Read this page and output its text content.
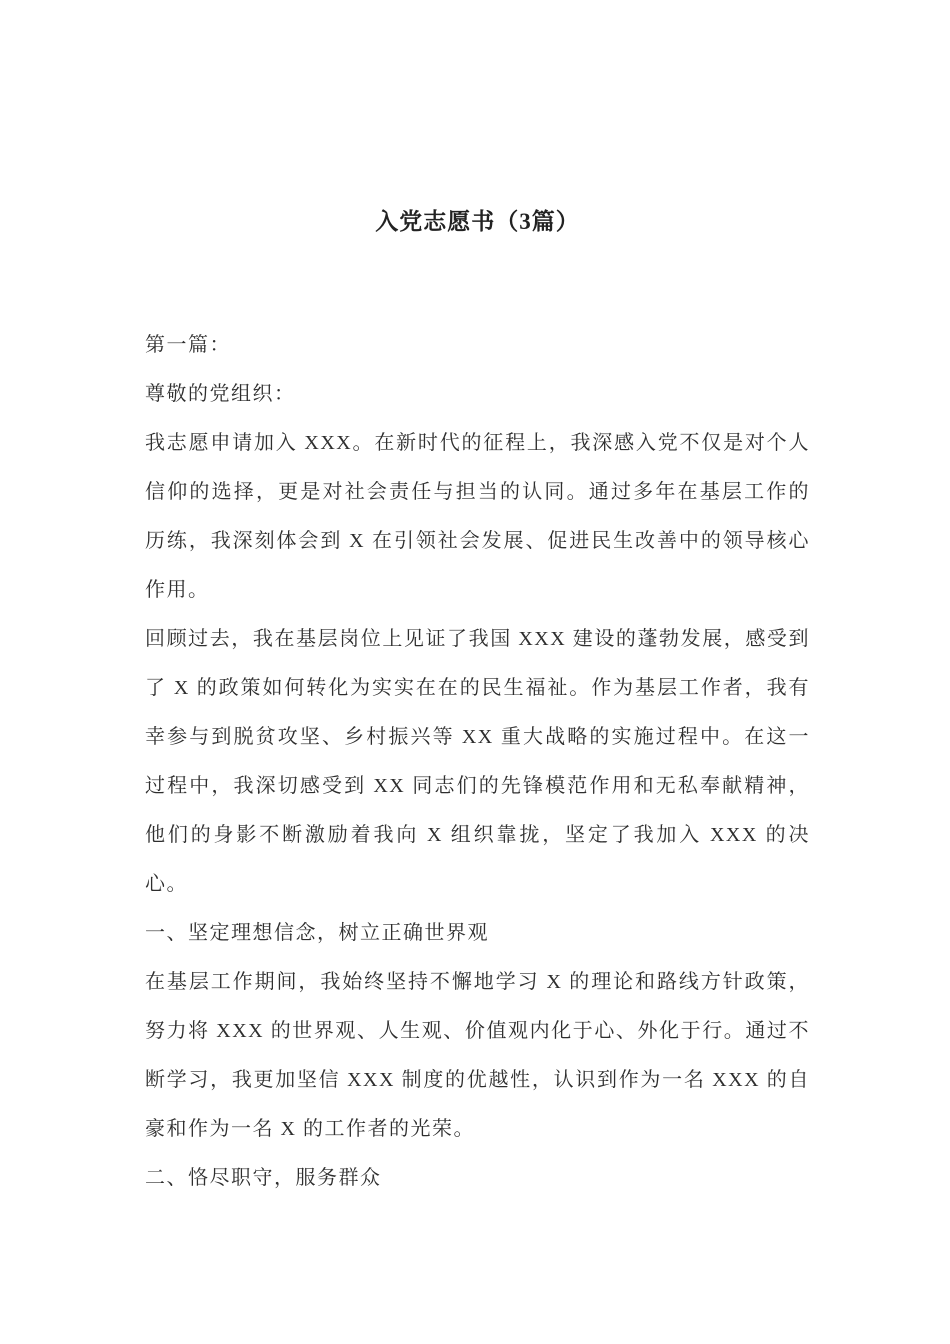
入党志愿书（3篇）

第一篇：

尊敬的党组织：

我志愿申请加入 XXX。在新时代的征程上，我深感入党不仅是对个人信仰的选择，更是对社会责任与担当的认同。通过多年在基层工作的历练，我深刻体会到 X 在引领社会发展、促进民生改善中的领导核心作用。

回顾过去，我在基层岗位上见证了我国 XXX 建设的蓬勃发展，感受到了 X 的政策如何转化为实实在在的民生福祉。作为基层工作者，我有幸参与到脱贫攻坚、乡村振兴等 XX 重大战略的实施过程中。在这一过程中，我深切感受到 XX 同志们的先锋模范作用和无私奉献精神，他们的身影不断激励着我向 X 组织靠拢，坚定了我加入 XXX 的决心。

一、坚定理想信念，树立正确世界观

在基层工作期间，我始终坚持不懈地学习 X 的理论和路线方针政策，努力将 XXX 的世界观、人生观、价值观内化于心、外化于行。通过不断学习，我更加坚信 XXX 制度的优越性，认识到作为一名 XXX 的自豪和作为一名 X 的工作者的光荣。

二、恪尽职守，服务群众
